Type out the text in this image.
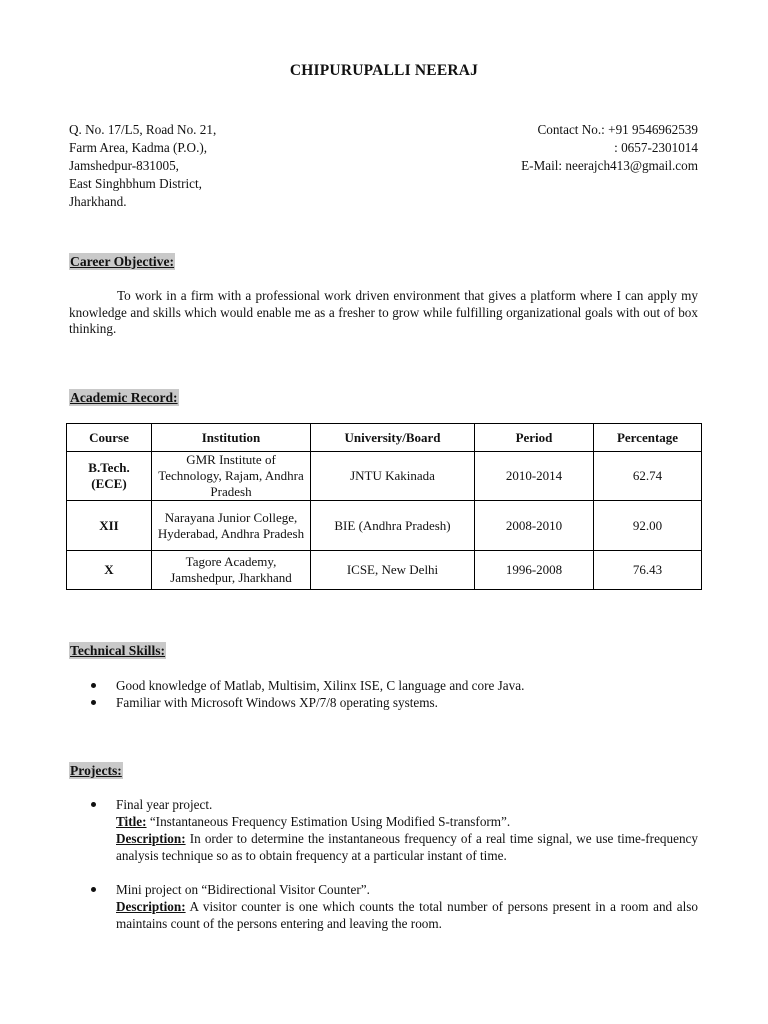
CHIPURUPALLI NEERAJ
Q. No. 17/L5, Road No. 21,
Farm Area, Kadma (P.O.),
Jamshedpur-831005,
East Singhbhum District,
Jharkhand.
Contact No.: +91 9546962539
: 0657-2301014
E-Mail: neerajch413@gmail.com
Career Objective:
To work in a firm with a professional work driven environment that gives a platform where I can apply my knowledge and skills which would enable me as a fresher to grow while fulfilling organizational goals with out of box thinking.
Academic Record:
Course	Institution	University/Board	Period	Percentage
B.Tech. (ECE)	GMR Institute of Technology, Rajam, Andhra Pradesh	JNTU Kakinada	2010-2014	62.74
XII	Narayana Junior College, Hyderabad, Andhra Pradesh	BIE (Andhra Pradesh)	2008-2010	92.00
X	Tagore Academy, Jamshedpur, Jharkhand	ICSE, New Delhi	1996-2008	76.43
Technical Skills:
Good knowledge of Matlab, Multisim, Xilinx ISE, C language and core Java.
Familiar with Microsoft Windows XP/7/8 operating systems.
Projects:
Final year project.
Title: “Instantaneous Frequency Estimation Using Modified S-transform”.
Description: In order to determine the instantaneous frequency of a real time signal, we use time-frequency analysis technique so as to obtain frequency at a particular instant of time.
Mini project on “Bidirectional Visitor Counter”.
Description: A visitor counter is one which counts the total number of persons present in a room and also maintains count of the persons entering and leaving the room.
